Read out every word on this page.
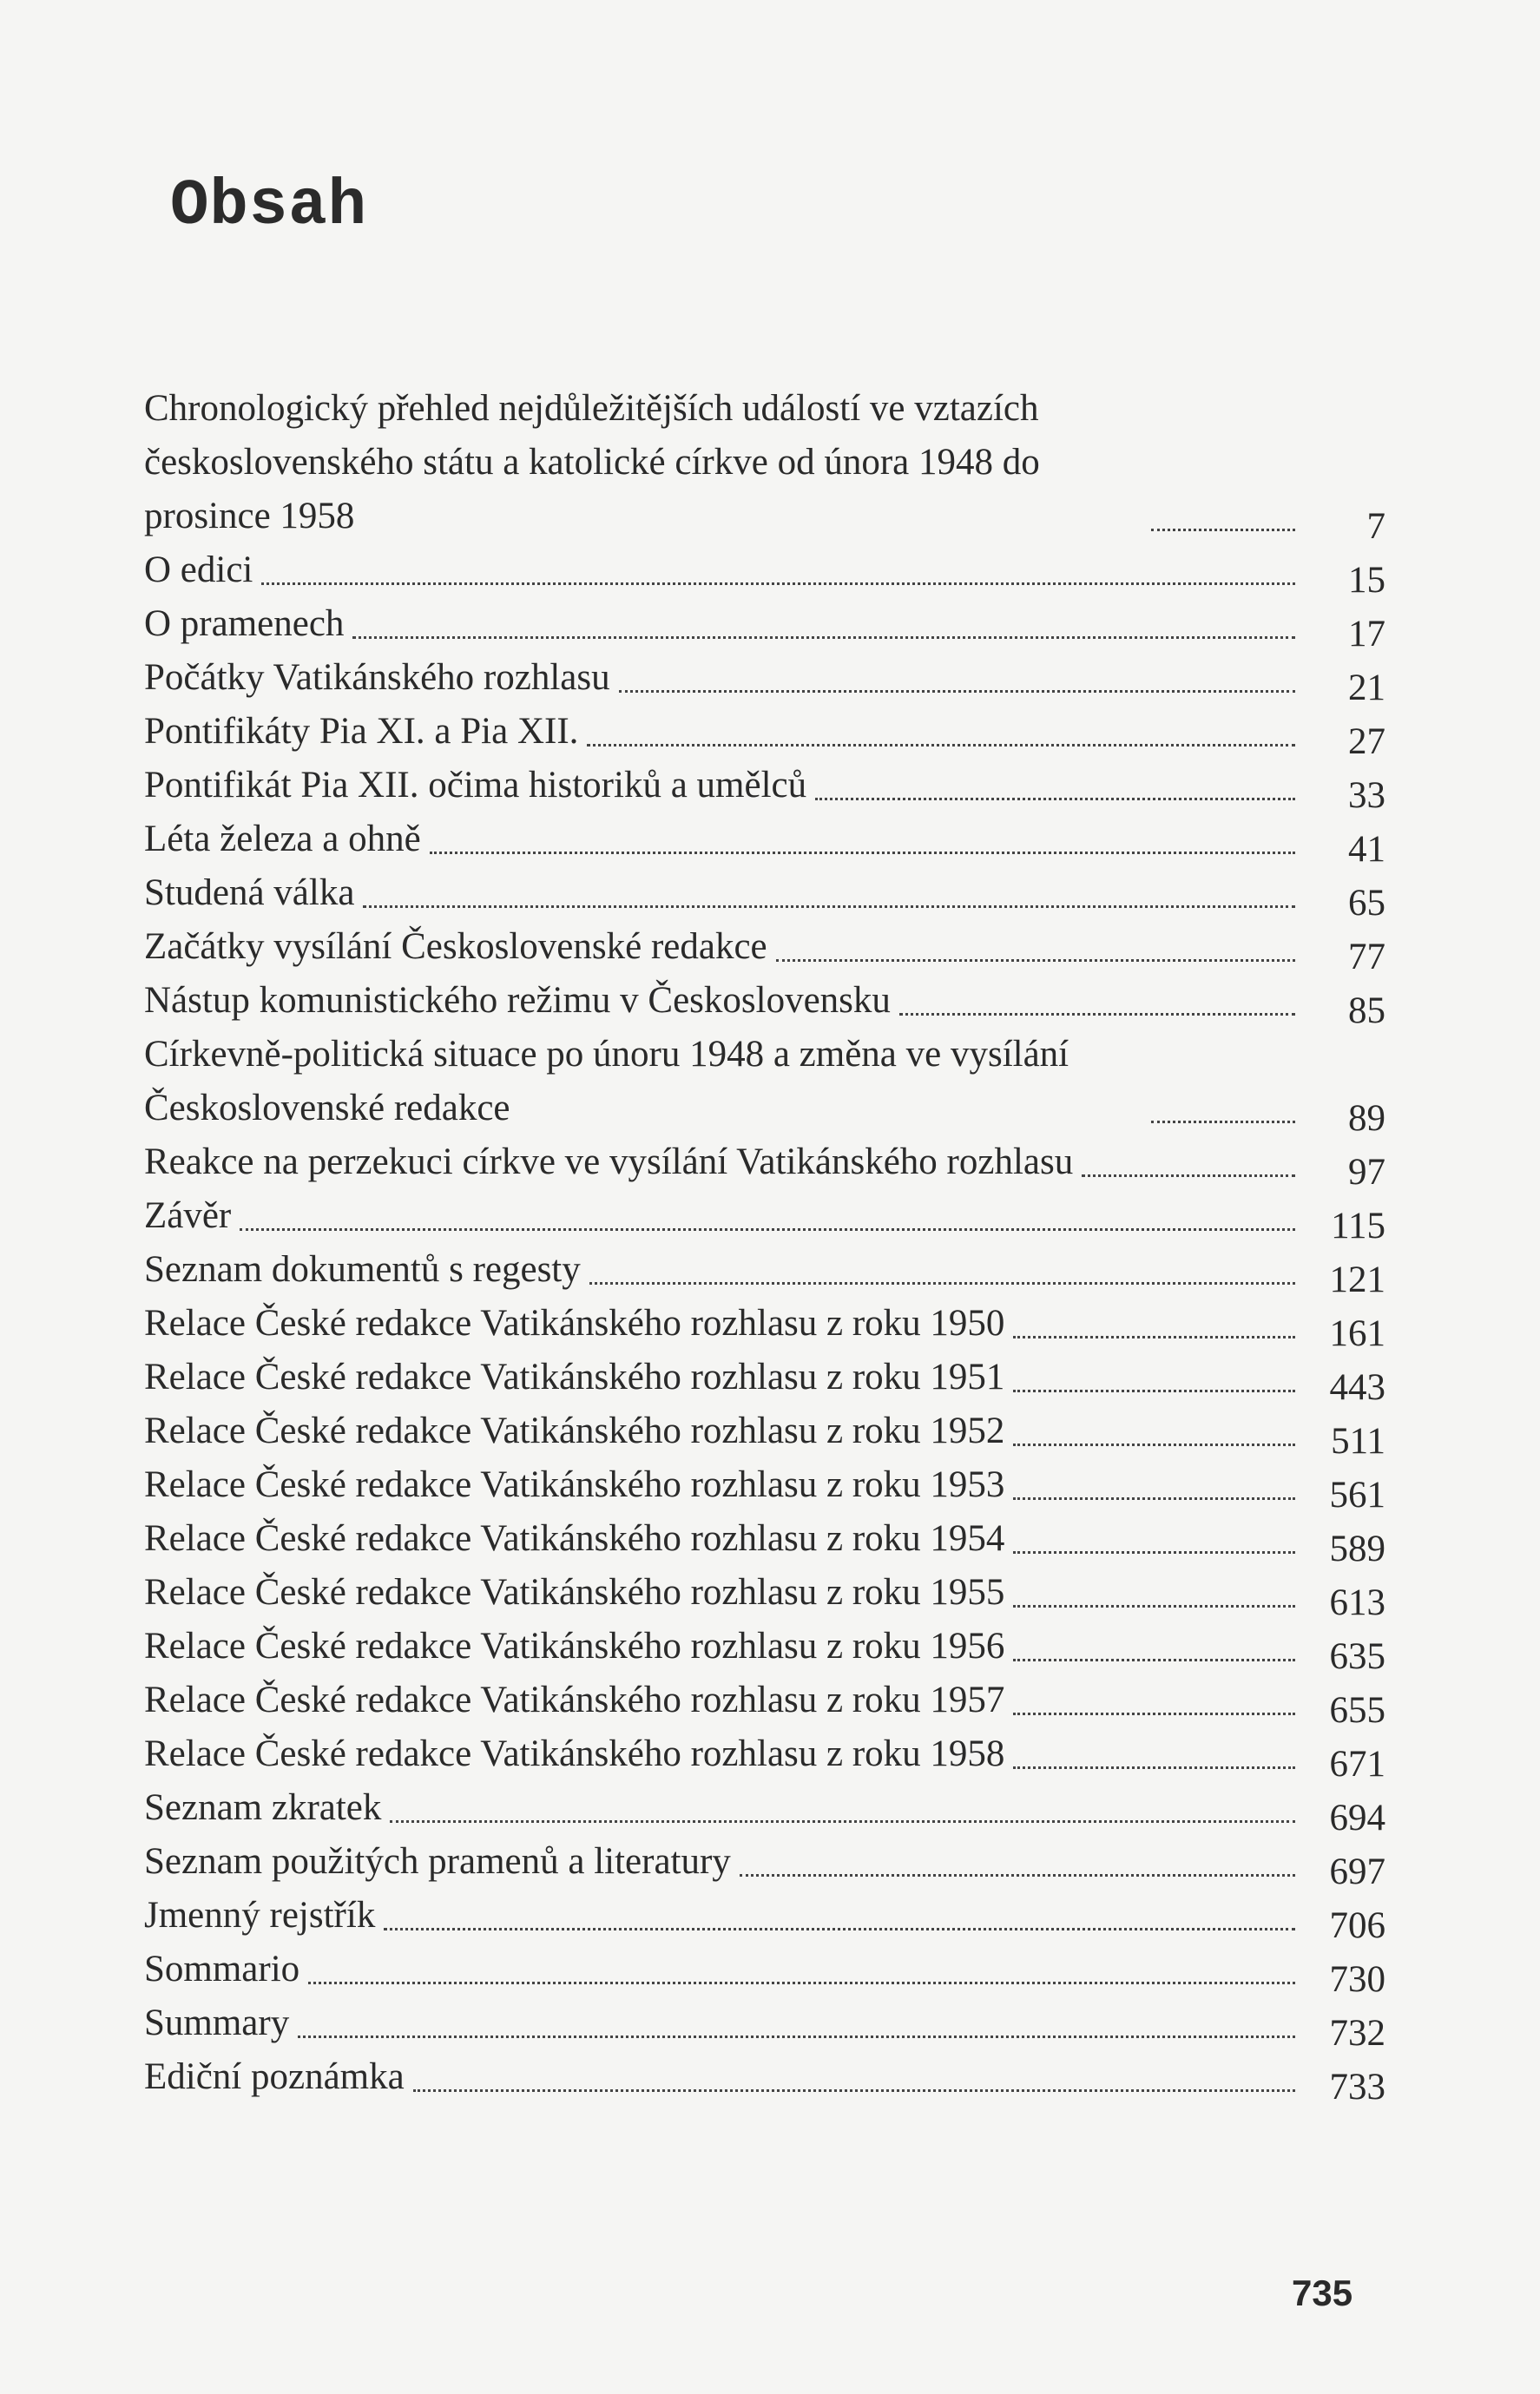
Obsah
Chronologický přehled nejdůležitějších událostí ve vztazích československého státu a katolické církve od února 1948 do prosince 1958	7
O edici	15
O pramenech	17
Počátky Vatikánského rozhlasu	21
Pontifikáty Pia XI. a Pia XII.	27
Pontifikát Pia XII. očima historiků a umělců	33
Léta železa a ohně	41
Studená válka	65
Začátky vysílání Československé redakce	77
Nástup komunistického režimu v Československu	85
Církevně-politická situace po únoru 1948 a změna ve vysílání Československé redakce	89
Reakce na perzekuci církve ve vysílání Vatikánského rozhlasu	97
Závěr	115
Seznam dokumentů s regesty	121
Relace České redakce Vatikánského rozhlasu z roku 1950	161
Relace České redakce Vatikánského rozhlasu z roku 1951	443
Relace České redakce Vatikánského rozhlasu z roku 1952	511
Relace České redakce Vatikánského rozhlasu z roku 1953	561
Relace České redakce Vatikánského rozhlasu z roku 1954	589
Relace České redakce Vatikánského rozhlasu z roku 1955	613
Relace České redakce Vatikánského rozhlasu z roku 1956	635
Relace České redakce Vatikánského rozhlasu z roku 1957	655
Relace České redakce Vatikánského rozhlasu z roku 1958	671
Seznam zkratek	694
Seznam použitých pramenů a literatury	697
Jmenný rejstřík	706
Sommario	730
Summary	732
Ediční poznámka	733
735
